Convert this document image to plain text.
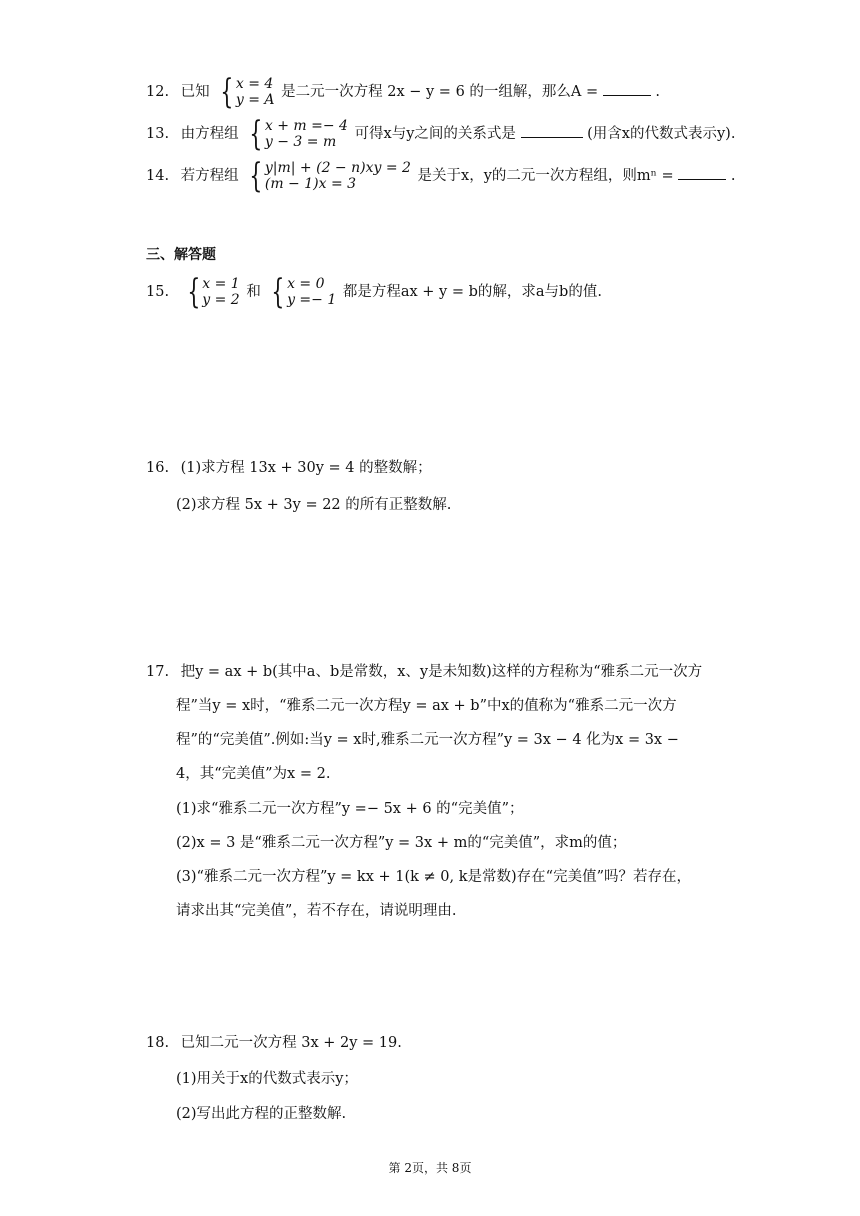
12. 已知 { x = 4
y = A 是二元一次方程 2x − y = 6 的一组解，那么A =	.
13. 由方程组 { x + m =− 4
y − 3 = m	可得x与y之间的关系式是	(用含x的代数式表示y).
14. 若方程组 { y|m| + (2 − n)xy = 2
(m − 1)x = 3	是关于x，y的二元一次方程组，则mⁿ =	.
三、解答题
15. { x = 1
y = 2 和 { x = 0
y =− 1 都是方程ax + y = b的解，求a与b的值.
16. (1)求方程 13x + 30y = 4 的整数解；
(2)求方程 5x + 3y = 22 的所有正整数解.
17. 把y = ax + b(其中a、b是常数，x、y是未知数)这样的方程称为“雅系二元一次方
程”当y = x时，“雅系二元一次方程y = ax + b”中x的值称为“雅系二元一次方
程”的“完美值”.例如:当y = x时,雅系二元一次方程”y = 3x − 4 化为x = 3x −
4，其“完美值”为x = 2.
(1)求“雅系二元一次方程”y =− 5x + 6 的“完美值”；
(2)x = 3 是“雅系二元一次方程”y = 3x + m的“完美值”，求m的值；
(3)“雅系二元一次方程”y = kx + 1(k ≠ 0, k是常数)存在“完美值”吗？若存在，
请求出其“完美值”，若不存在，请说明理由.
18. 已知二元一次方程 3x + 2y = 19.
(1)用关于x的代数式表示y；
(2)写出此方程的正整数解.
第 2页，共 8页
